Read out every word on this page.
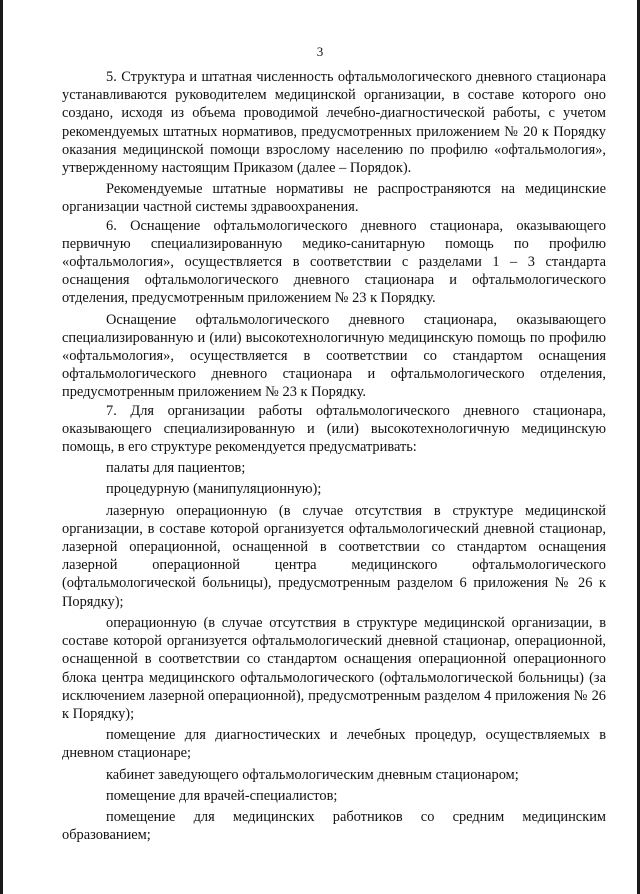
3

5. Структура и штатная численность офтальмологического дневного стационара устанавливаются руководителем медицинской организации, в составе которого оно создано, исходя из объема проводимой лечебно-диагностической работы, с учетом рекомендуемых штатных нормативов, предусмотренных приложением № 20 к Порядку оказания медицинской помощи взрослому населению по профилю «офтальмология», утвержденному настоящим Приказом (далее – Порядок).

Рекомендуемые штатные нормативы не распространяются на медицинские организации частной системы здравоохранения.

6. Оснащение офтальмологического дневного стационара, оказывающего первичную специализированную медико-санитарную помощь по профилю «офтальмология», осуществляется в соответствии с разделами 1 – 3 стандарта оснащения офтальмологического дневного стационара и офтальмологического отделения, предусмотренным приложением № 23 к Порядку.

Оснащение офтальмологического дневного стационара, оказывающего специализированную и (или) высокотехнологичную медицинскую помощь по профилю «офтальмология», осуществляется в соответствии со стандартом оснащения офтальмологического дневного стационара и офтальмологического отделения, предусмотренным приложением № 23 к Порядку.

7. Для организации работы офтальмологического дневного стационара, оказывающего специализированную и (или) высокотехнологичную медицинскую помощь, в его структуре рекомендуется предусматривать:

палаты для пациентов;

процедурную (манипуляционную);

лазерную операционную (в случае отсутствия в структуре медицинской организации, в составе которой организуется офтальмологический дневной стационар, лазерной операционной, оснащенной в соответствии со стандартом оснащения лазерной операционной центра медицинского офтальмологического (офтальмологической больницы), предусмотренным разделом 6 приложения № 26 к Порядку);

операционную (в случае отсутствия в структуре медицинской организации, в составе которой организуется офтальмологический дневной стационар, операционной, оснащенной в соответствии со стандартом оснащения операционной операционного блока центра медицинского офтальмологического (офтальмологической больницы) (за исключением лазерной операционной), предусмотренным разделом 4 приложения № 26 к Порядку);

помещение для диагностических и лечебных процедур, осуществляемых в дневном стационаре;

кабинет заведующего офтальмологическим дневным стационаром;

помещение для врачей-специалистов;

помещение для медицинских работников со средним медицинским образованием;
